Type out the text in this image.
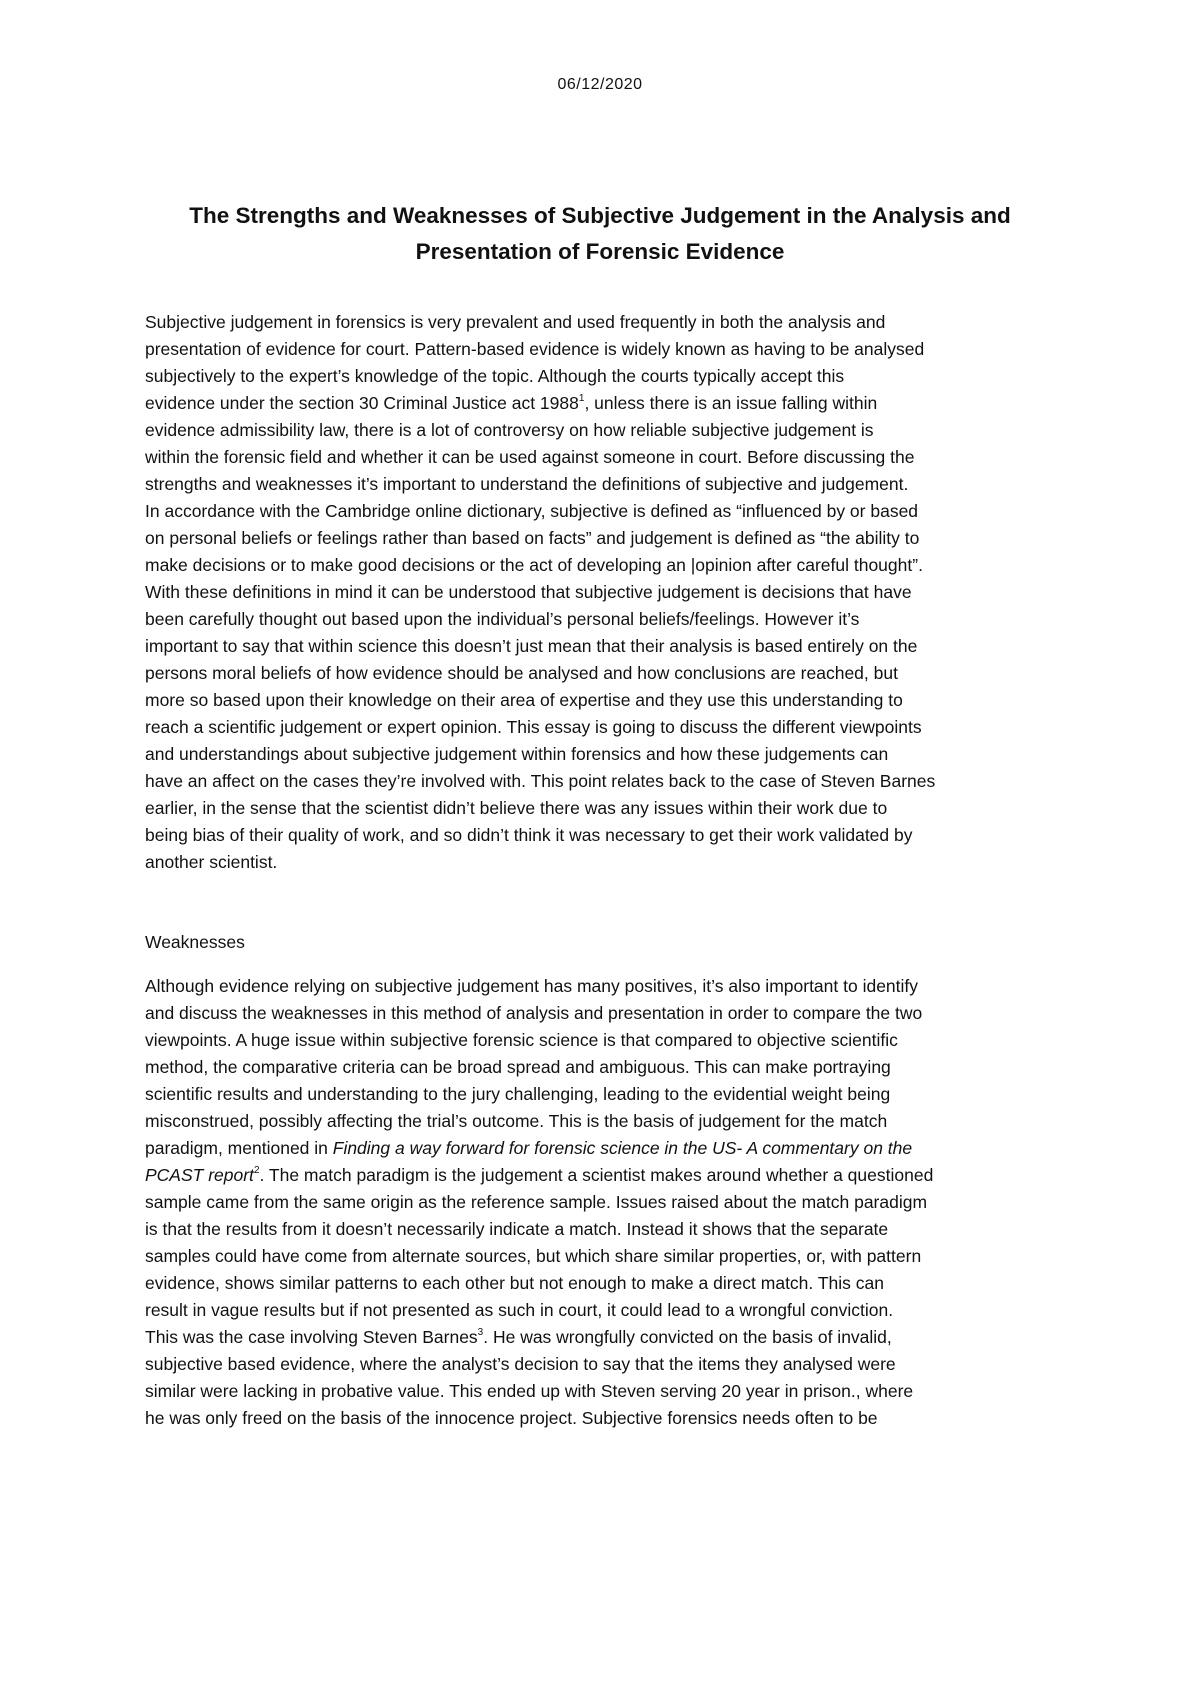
06/12/2020
The Strengths and Weaknesses of Subjective Judgement in the Analysis and
Presentation of Forensic Evidence
Subjective judgement in forensics is very prevalent and used frequently in both the analysis and
presentation of evidence for court. Pattern-based evidence is widely known as having to be analysed
subjectively to the expert’s knowledge of the topic. Although the courts typically accept this
evidence under the section 30 Criminal Justice act 1988$^1$, unless there is an issue falling within
evidence admissibility law, there is a lot of controversy on how reliable subjective judgement is
within the forensic field and whether it can be used against someone in court. Before discussing the
strengths and weaknesses it’s important to understand the definitions of subjective and judgement.
In accordance with the Cambridge online dictionary, subjective is defined as “influenced by or based
on personal beliefs or feelings rather than based on facts” and judgement is defined as “the ability to
make decisions or to make good decisions or the act of developing an |opinion after careful thought”.
With these definitions in mind it can be understood that subjective judgement is decisions that have
been carefully thought out based upon the individual’s personal beliefs/feelings. However it’s
important to say that within science this doesn’t just mean that their analysis is based entirely on the
persons moral beliefs of how evidence should be analysed and how conclusions are reached, but
more so based upon their knowledge on their area of expertise and they use this understanding to
reach a scientific judgement or expert opinion. This essay is going to discuss the different viewpoints
and understandings about subjective judgement within forensics and how these judgements can
have an affect on the cases they’re involved with. This point relates back to the case of Steven Barnes
earlier, in the sense that the scientist didn’t believe there was any issues within their work due to
being bias of their quality of work, and so didn’t think it was necessary to get their work validated by
another scientist.
Weaknesses
Although evidence relying on subjective judgement has many positives, it’s also important to identify
and discuss the weaknesses in this method of analysis and presentation in order to compare the two
viewpoints. A huge issue within subjective forensic science is that compared to objective scientific
method, the comparative criteria can be broad spread and ambiguous. This can make portraying
scientific results and understanding to the jury challenging, leading to the evidential weight being
misconstrued, possibly affecting the trial’s outcome. This is the basis of judgement for the match
paradigm, mentioned in Finding a way forward for forensic science in the US- A commentary on the
PCAST report$^2$. The match paradigm is the judgement a scientist makes around whether a questioned
sample came from the same origin as the reference sample. Issues raised about the match paradigm
is that the results from it doesn’t necessarily indicate a match. Instead it shows that the separate
samples could have come from alternate sources, but which share similar properties, or, with pattern
evidence, shows similar patterns to each other but not enough to make a direct match. This can
result in vague results but if not presented as such in court, it could lead to a wrongful conviction.
This was the case involving Steven Barnes$^3$. He was wrongfully convicted on the basis of invalid,
subjective based evidence, where the analyst’s decision to say that the items they analysed were
similar were lacking in probative value. This ended up with Steven serving 20 year in prison., where
he was only freed on the basis of the innocence project. Subjective forensics needs often to be
